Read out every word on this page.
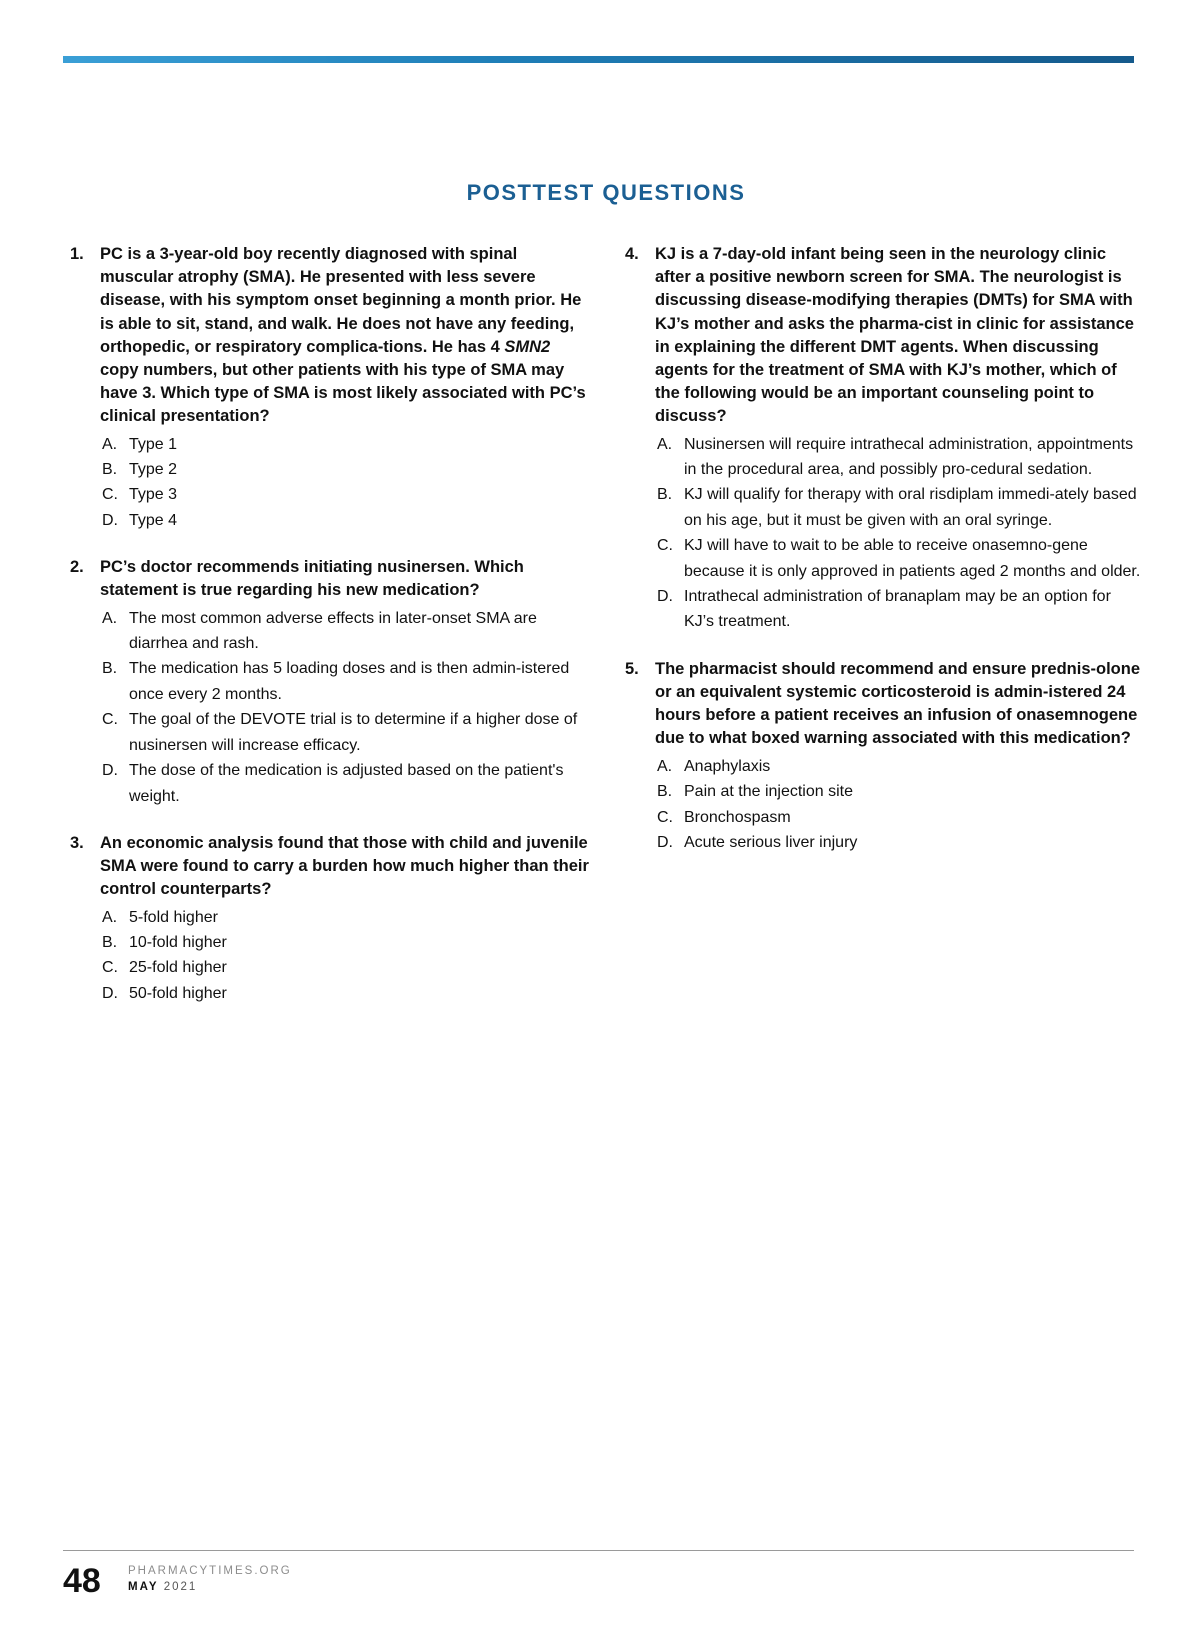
POSTTEST QUESTIONS
1. PC is a 3-year-old boy recently diagnosed with spinal muscular atrophy (SMA). He presented with less severe disease, with his symptom onset beginning a month prior. He is able to sit, stand, and walk. He does not have any feeding, orthopedic, or respiratory complica-tions. He has 4 SMN2 copy numbers, but other patients with his type of SMA may have 3. Which type of SMA is most likely associated with PC’s clinical presentation?
A. Type 1
B. Type 2
C. Type 3
D. Type 4
2. PC’s doctor recommends initiating nusinersen. Which statement is true regarding his new medication?
A. The most common adverse effects in later-onset SMA are diarrhea and rash.
B. The medication has 5 loading doses and is then admin-istered once every 2 months.
C. The goal of the DEVOTE trial is to determine if a higher dose of nusinersen will increase efficacy.
D. The dose of the medication is adjusted based on the patient's weight.
3. An economic analysis found that those with child and juvenile SMA were found to carry a burden how much higher than their control counterparts?
A. 5-fold higher
B. 10-fold higher
C. 25-fold higher
D. 50-fold higher
4. KJ is a 7-day-old infant being seen in the neurology clinic after a positive newborn screen for SMA. The neurologist is discussing disease-modifying therapies (DMTs) for SMA with KJ’s mother and asks the pharma-cist in clinic for assistance in explaining the different DMT agents. When discussing agents for the treatment of SMA with KJ’s mother, which of the following would be an important counseling point to discuss?
A. Nusinersen will require intrathecal administration, appointments in the procedural area, and possibly pro-cedural sedation.
B. KJ will qualify for therapy with oral risdiplam immedi-ately based on his age, but it must be given with an oral syringe.
C. KJ will have to wait to be able to receive onasemno-gene because it is only approved in patients aged 2 months and older.
D. Intrathecal administration of branaplam may be an option for KJ’s treatment.
5. The pharmacist should recommend and ensure prednis-olone or an equivalent systemic corticosteroid is admin-istered 24 hours before a patient receives an infusion of onasemnogene due to what boxed warning associated with this medication?
A. Anaphylaxis
B. Pain at the injection site
C. Bronchospasm
D. Acute serious liver injury
48 PHARMACYTIMES.ORG
MAY 2021
